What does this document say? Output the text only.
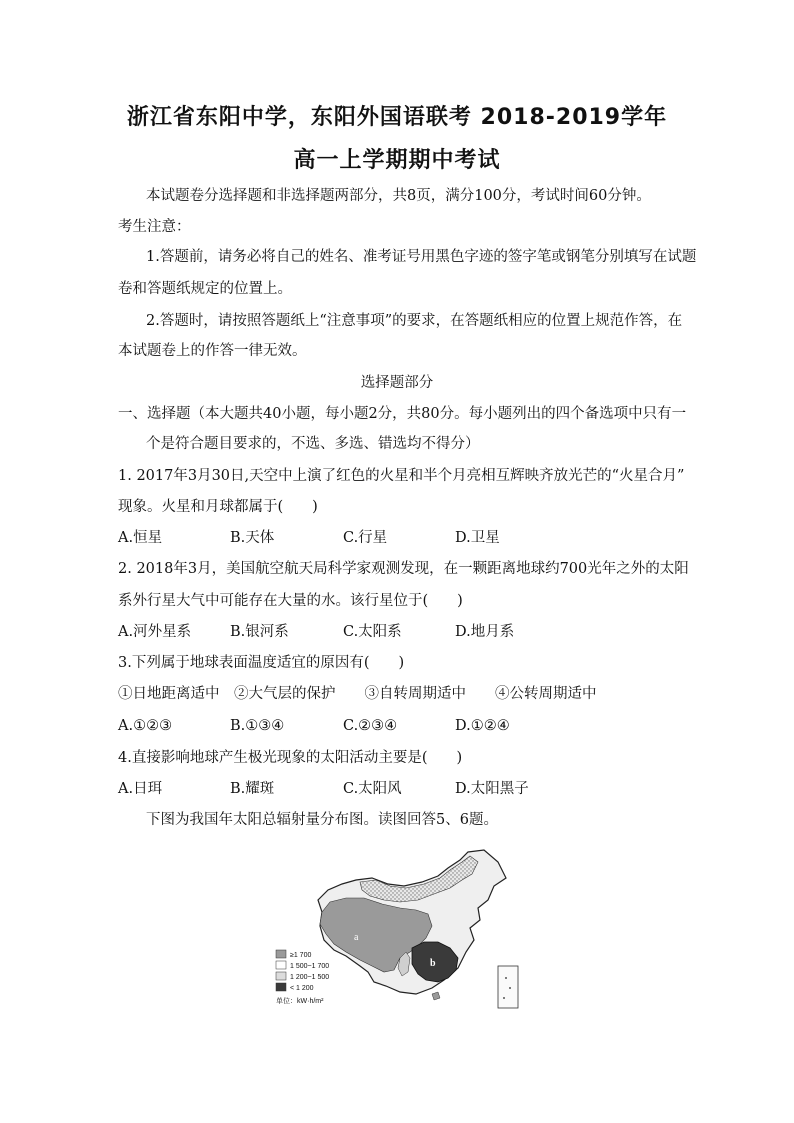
浙江省东阳中学，东阳外国语联考 2018-2019学年
高一上学期期中考试
本试题卷分选择题和非选择题两部分，共8页，满分100分，考试时间60分钟。
考生注意：
1.答题前，请务必将自己的姓名、准考证号用黑色字迹的签字笔或钢笔分别填写在试题
卷和答题纸规定的位置上。
2.答题时，请按照答题纸上“注意事项”的要求，在答题纸相应的位置上规范作答，在
本试题卷上的作答一律无效。
选择题部分
一、选择题（本大题共40小题，每小题2分，共80分。每小题列出的四个备选项中只有一
个是符合题目要求的，不选、多选、错选均不得分）
1. 2017年3月30日,天空中上演了红色的火星和半个月亮相互辉映齐放光芒的“火星合月”
现象。火星和月球都属于(　　)
A.恒星	B.天体	C.行星	D.卫星
2. 2018年3月，美国航空航天局科学家观测发现，在一颗距离地球约700光年之外的太阳
系外行星大气中可能存在大量的水。该行星位于(　　)
A.河外星系	B.银河系	C.太阳系	D.地月系
3.下列属于地球表面温度适宜的原因有(　　)
①日地距离适中　②大气层的保护　　③自转周期适中　　④公转周期适中
A.①②③	B.①③④	C.②③④	D.①②④
4.直接影响地球产生极光现象的太阳活动主要是(　　)
A.日珥	B.耀斑	C.太阳风	D.太阳黑子
下图为我国年太阳总辐射量分布图。读图回答5、6题。
a
b
≥1 700
1 500~1 700
1 200~1 500
< 1 200
单位：kW·h/m²
